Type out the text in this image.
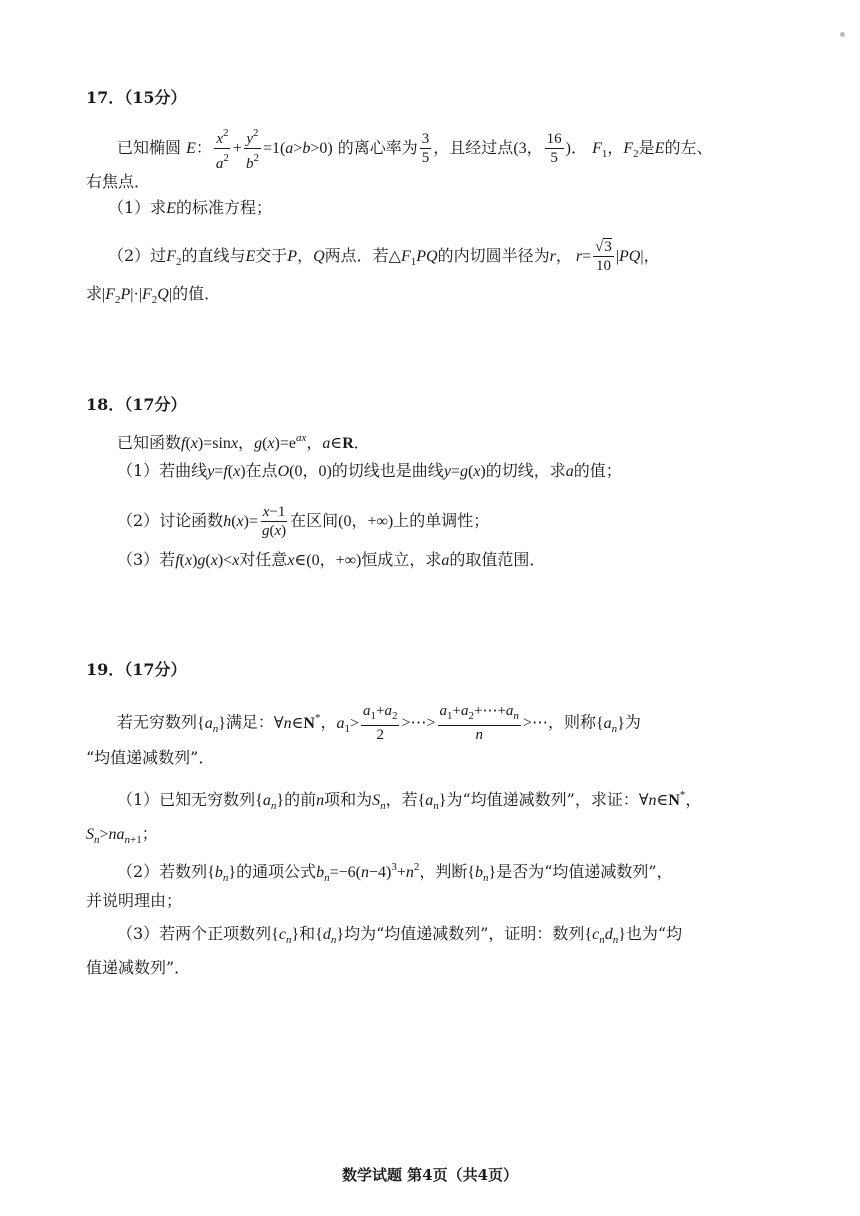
17．（15分）
已知椭圆 E： $\frac{x^2}{a^2} + \frac{y^2}{b^2} =1(a>b>0)$ 的离心率为 $\frac{3}{5}$ ，且经过点(3， $\frac{16}{5}$ )． $F_1$，$F_2$是E的左、
右焦点．
（1）求E的标准方程；
（2）过$F_2$的直线与E交于P，Q两点．若$\triangle F_1PQ$的内切圆半径为r， $r= \frac{√3}{10} |PQ|$，
求$|F_2P|\cdot|F_2Q|$的值．
18．（17分）
已知函数f(x)=sinx，$g(x)=e^{ax}$，a∈R．
（1）若曲线y=f(x)在点O(0，0)的切线也是曲线y=g(x)的切线，求a的值；
（2）讨论函数$h(x)= \frac{x-1}{g(x)}$ 在区间(0，+∞)上的单调性；
（3）若f(x)g(x)<x对任意x∈(0，+∞)恒成立，求a的取值范围．
19．（17分）
若无穷数列$\{a_n\}$满足：∀n∈N*，$a_1> \frac{a_1+a_2}{2}$ >⋯> $\frac{a_1+a_2+\cdots+a_n}{n}$ >⋯，则称$\{a_n\}$为
“均值递减数列”．
（1）已知无穷数列$\{a_n\}$的前n项和为$S_n$，若$\{a_n\}$为“均值递减数列”，求证：∀n∈N*，
$S_n>na_{n+1}$；
（2）若数列$\{b_n\}$的通项公式$b_n=-6(n-4)^3+n^2$，判断$\{b_n\}$是否为“均值递减数列”，
并说明理由；
（3）若两个正项数列$\{c_n\}$和$\{d_n\}$均为“均值递减数列”，证明：数列$\{c_nd_n\}$也为“均
值递减数列”．
数学试题 第4页（共4页）
